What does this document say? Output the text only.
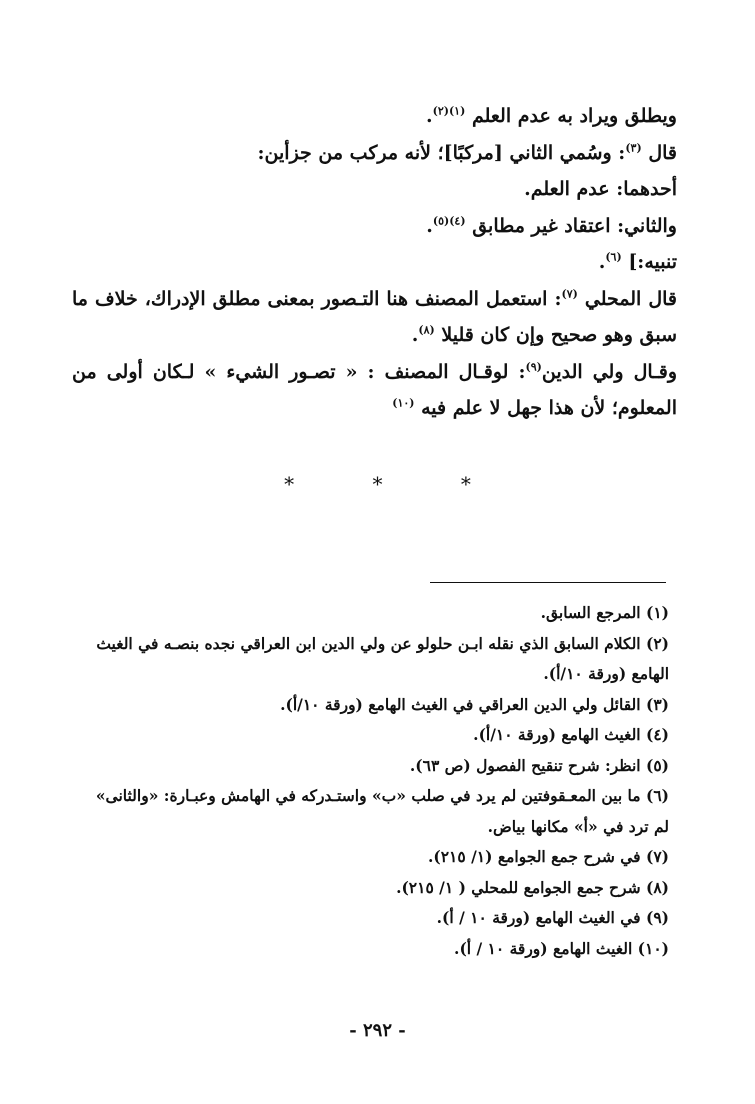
ويطلق ويراد به عدم العلم $^{(١)(٢)}$.

قال $^{(٣)}$: وسُمي الثاني [مركبًا]؛ لأنه مركب من جزأين:

أحدهما: عدم العلم.

والثاني: اعتقاد غير مطابق $^{(٤)(٥)}$.

تنبيه:] $^{(٦)}$.

قال المحلي $^{(٧)}$: استعمل المصنف هنا التـصور بمعنى مطلق الإدراك، خلاف ما سبق وهو صحيح وإن كان قليلا $^{(٨)}$.

وقـال ولي الدين$^{(٩)}$: لوقـال المصنف : « تصـور الشيء » لـكان أولى من المعلوم؛ لأن هذا جهل لا علم فيه $^{(١٠)}$

*	*	*

(١) المرجع السابق.

(٢) الكلام السابق الذي نقله ابـن حلولو عن ولي الدين ابن العراقي نجده بنصـه في الغيث الهامع (ورقة ١٠/أ).

(٣) القائل ولي الدين العراقي في الغيث الهامع (ورقة ١٠/أ).

(٤) الغيث الهامع (ورقة ١٠/أ).

(٥) انظر: شرح تنقيح الفصول (ص ٦٣).

(٦) ما بين المعـقوفتين لم يرد في صلب «ب» واستـدركه في الهامش وعبـارة: «والثانى» لم ترد في «أ» مكانها بياض.

(٧) في شرح جمع الجوامع (١/ ٢١٥).

(٨) شرح جمع الجوامع للمحلي ( ١/ ٢١٥).

(٩) في الغيث الهامع (ورقة ١٠ / أ).

(١٠) الغيث الهامع (ورقة ١٠ / أ).

- ٢٩٢ -
